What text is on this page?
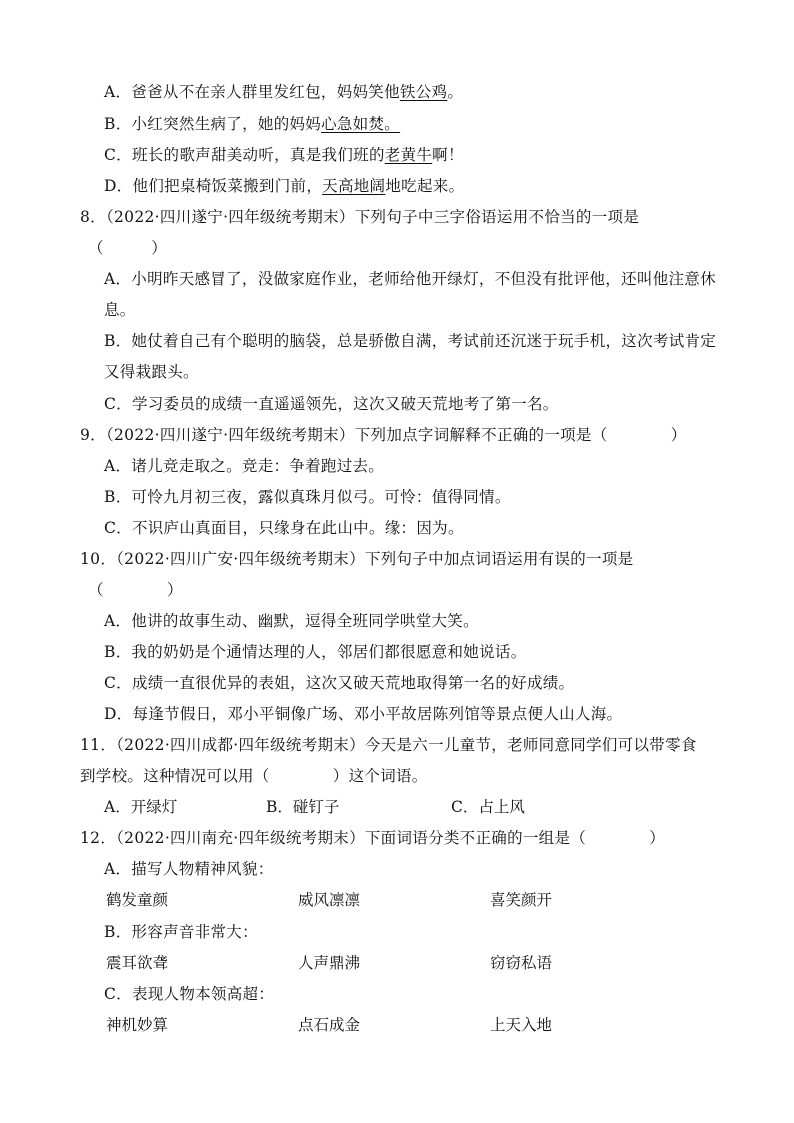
A．爸爸从不在亲人群里发红包，妈妈笑他铁公鸡。
B．小红突然生病了，她的妈妈心急如焚。
C．班长的歌声甜美动听，真是我们班的老黄牛啊！
D．他们把桌椅饭菜搬到门前，天高地阔地吃起来。
8．（2022·四川遂宁·四年级统考期末）下列句子中三字俗语运用不恰当的一项是
（　　　）
A．小明昨天感冒了，没做家庭作业，老师给他开绿灯，不但没有批评他，还叫他注意休
息。
B．她仗着自己有个聪明的脑袋，总是骄傲自满，考试前还沉迷于玩手机，这次考试肯定
又得栽跟头。
C．学习委员的成绩一直遥遥领先，这次又破天荒地考了第一名。
9．（2022·四川遂宁·四年级统考期末）下列加点字词解释不正确的一项是（　　　　）
A．诸儿竞走取之。竞走：争着跑过去。
B．可怜九月初三夜，露似真珠月似弓。可怜：值得同情。
C．不识庐山真面目，只缘身在此山中。缘：因为。
10．（2022·四川广安·四年级统考期末）下列句子中加点词语运用有误的一项是
（　　　　）
A．他讲的故事生动、幽默，逗得全班同学哄堂大笑。
B．我的奶奶是个通情达理的人，邻居们都很愿意和她说话。
C．成绩一直很优异的表姐，这次又破天荒地取得第一名的好成绩。
D．每逢节假日，邓小平铜像广场、邓小平故居陈列馆等景点便人山人海。
11．（2022·四川成都·四年级统考期末）今天是六一儿童节，老师同意同学们可以带零食
到学校。这种情况可以用（　　　　）这个词语。
A．开绿灯	B．碰钉子	C．占上风
12．（2022·四川南充·四年级统考期末）下面词语分类不正确的一组是（　　　　）
A．描写人物精神风貌：
鹤发童颜	威风凛凛	喜笑颜开
B．形容声音非常大：
震耳欲聋	人声鼎沸	窃窃私语
C．表现人物本领高超：
神机妙算	点石成金	上天入地
